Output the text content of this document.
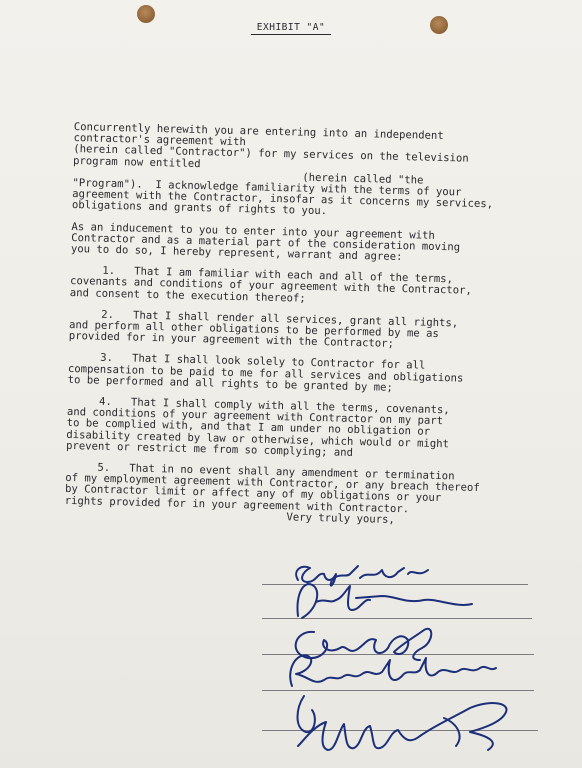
EXHIBIT "A"

Concurrently herewith you are entering into an independent
contractor's agreement with
(herein called "Contractor") for my services on the television
program now entitled
(herein called "the
"Program").  I acknowledge familiarity with the terms of your
agreement with the Contractor, insofar as it concerns my services,
obligations and grants of rights to you.

As an inducement to you to enter into your agreement with
Contractor and as a material part of the consideration moving
you to do so, I hereby represent, warrant and agree:

1.   That I am familiar with each and all of the terms,
covenants and conditions of your agreement with the Contractor,
and consent to the execution thereof;

2.   That I shall render all services, grant all rights,
and perform all other obligations to be performed by me as
provided for in your agreement with the Contractor;

3.   That I shall look solely to Contractor for all
compensation to be paid to me for all services and obligations
to be performed and all rights to be granted by me;

4.   That I shall comply with all the terms, covenants,
and conditions of your agreement with Contractor on my part
to be complied with, and that I am under no obligation or
disability created by law or otherwise, which would or might
prevent or restrict me from so complying; and

5.   That in no event shall any amendment or termination
of my employment agreement with Contractor, or any breach thereof
by Contractor limit or affect any of my obligations or your
rights provided for in your agreement with Contractor.

Very truly yours,
